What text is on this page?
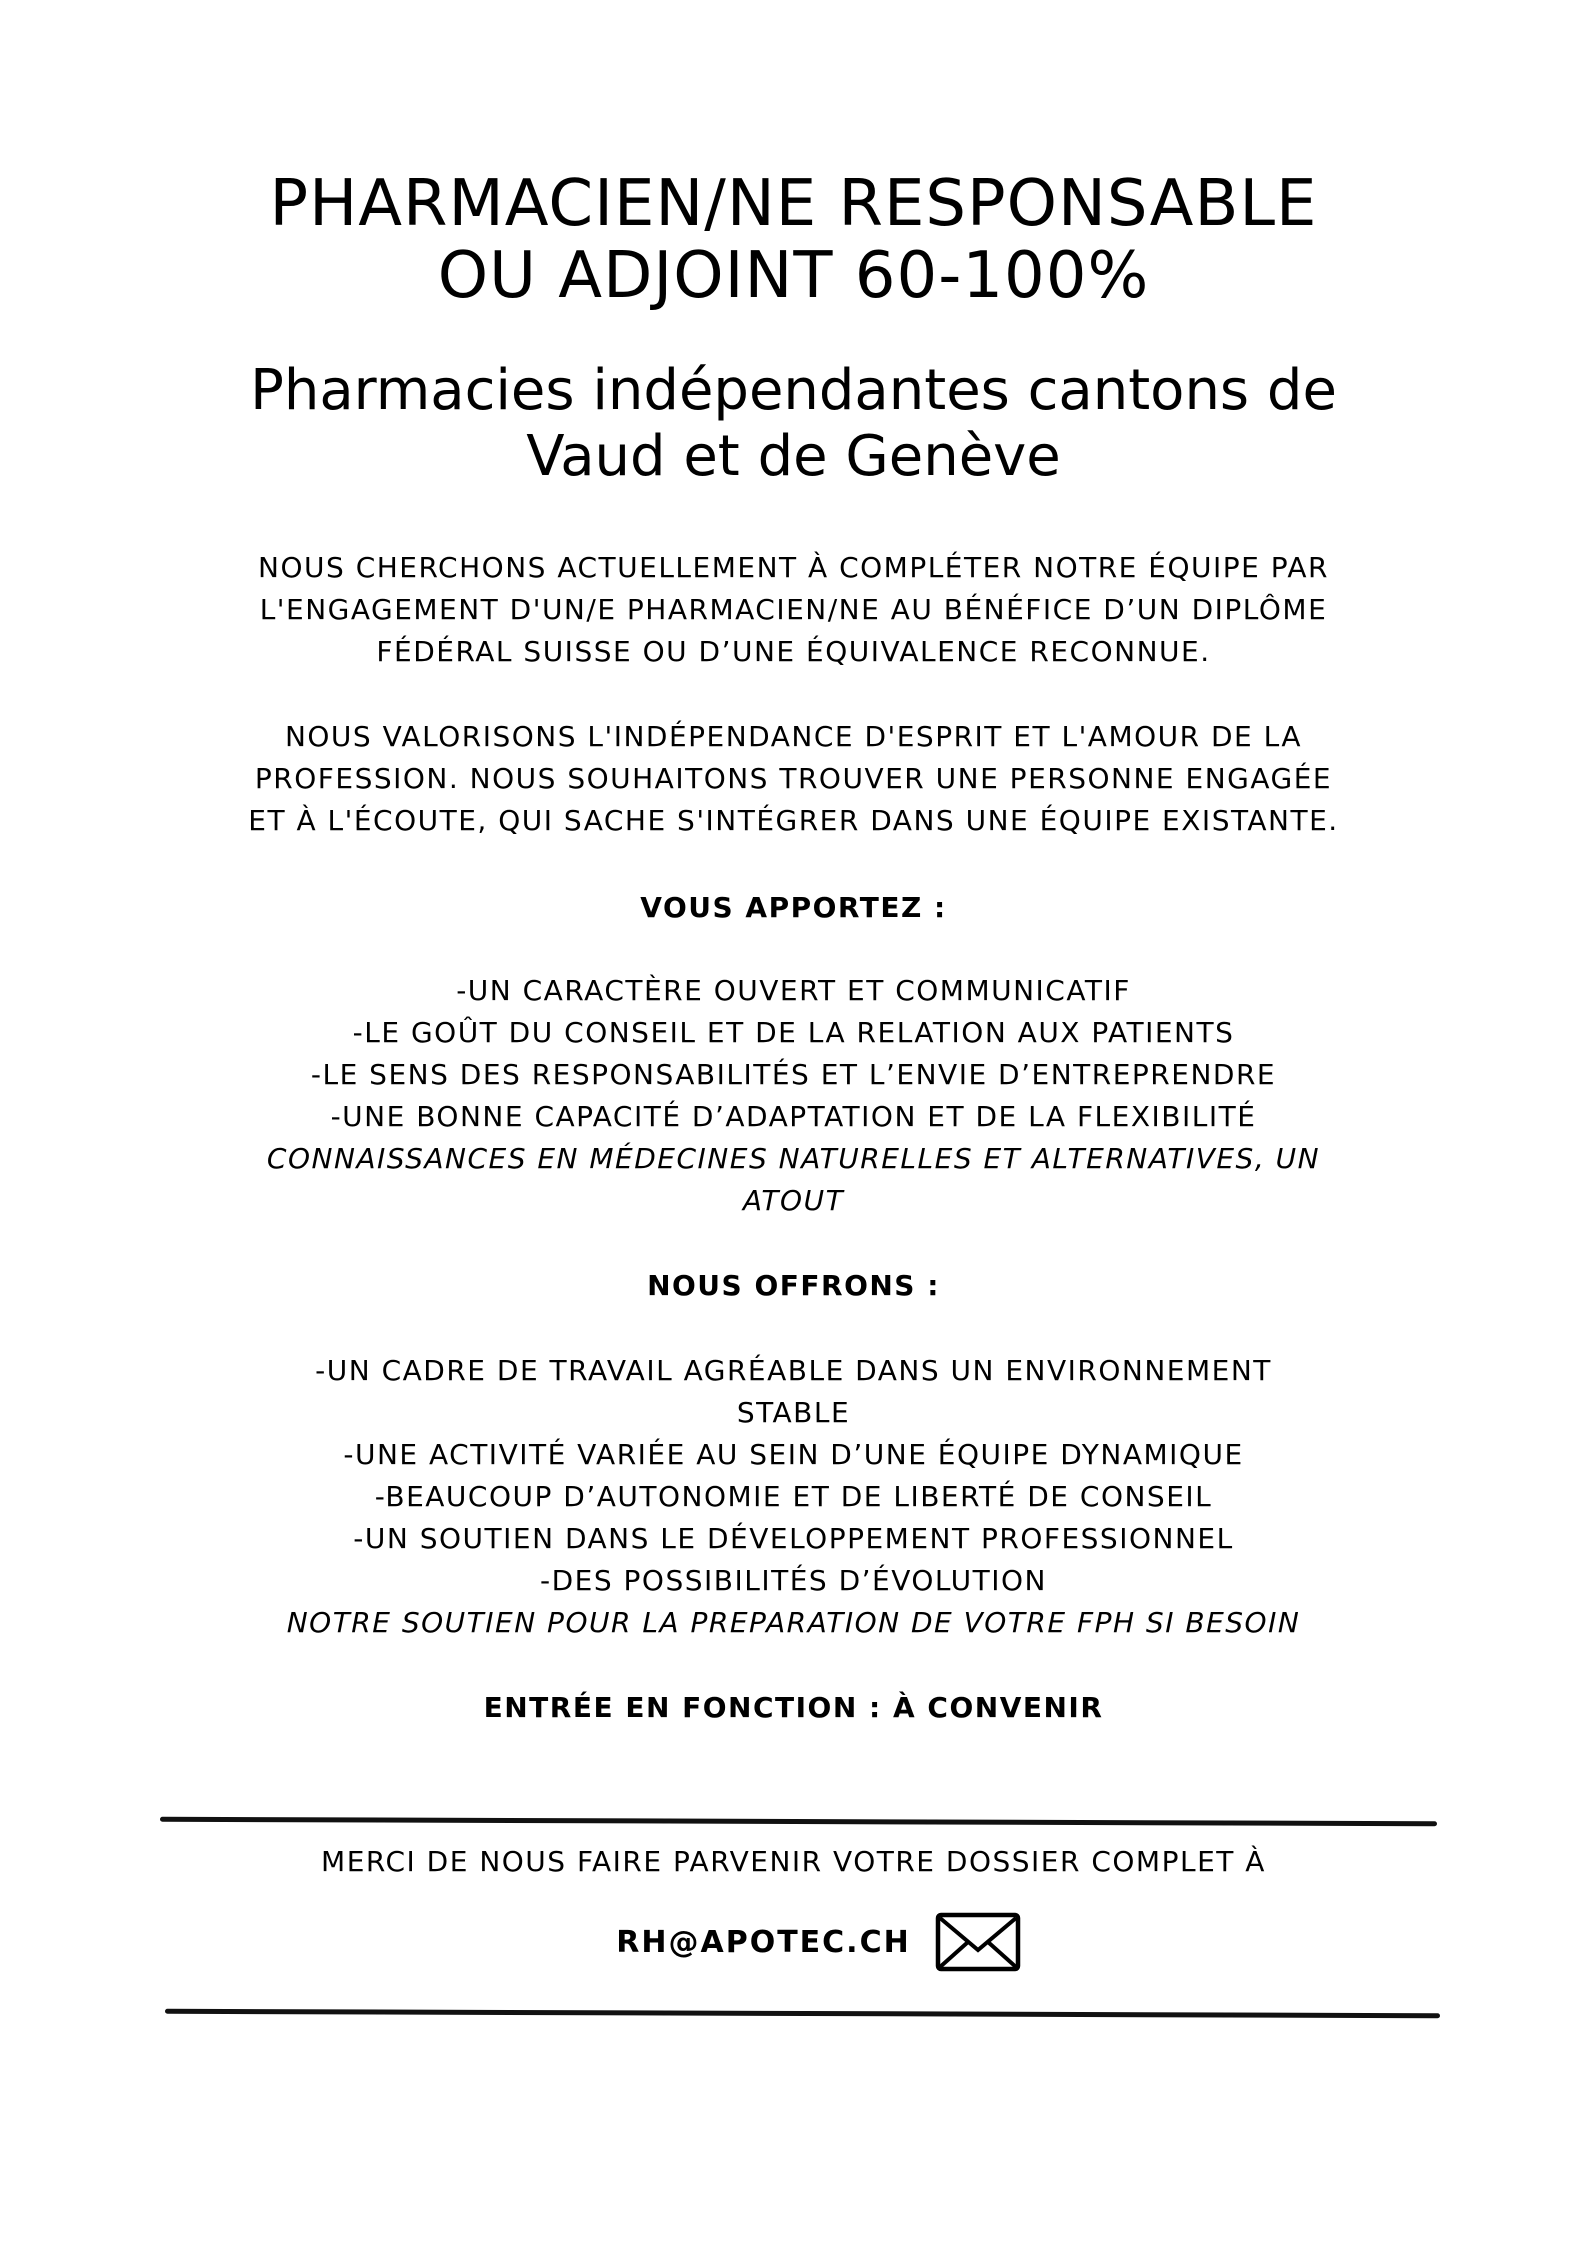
PHARMACIEN/NE RESPONSABLE

OU ADJOINT 60-100%

Pharmacies indépendantes cantons de

Vaud et de Genève

NOUS CHERCHONS ACTUELLEMENT À COMPLÉTER NOTRE ÉQUIPE PAR

L'ENGAGEMENT D'UN/E PHARMACIEN/NE AU BÉNÉFICE D’UN DIPLÔME

FÉDÉRAL SUISSE OU D’UNE ÉQUIVALENCE RECONNUE.

NOUS VALORISONS L'INDÉPENDANCE D'ESPRIT ET L'AMOUR DE LA

PROFESSION. NOUS SOUHAITONS TROUVER UNE PERSONNE ENGAGÉE

ET À L'ÉCOUTE, QUI SACHE S'INTÉGRER DANS UNE ÉQUIPE EXISTANTE.

VOUS APPORTEZ :

-UN CARACTÈRE OUVERT ET COMMUNICATIF

-LE GOÛT DU CONSEIL ET DE LA RELATION AUX PATIENTS

-LE SENS DES RESPONSABILITÉS ET L’ENVIE D’ENTREPRENDRE

-UNE BONNE CAPACITÉ D’ADAPTATION ET DE LA FLEXIBILITÉ

CONNAISSANCES EN MÉDECINES NATURELLES ET ALTERNATIVES, UN

ATOUT

NOUS OFFRONS :

-UN CADRE DE TRAVAIL AGRÉABLE DANS UN ENVIRONNEMENT

STABLE

-UNE ACTIVITÉ VARIÉE AU SEIN D’UNE ÉQUIPE DYNAMIQUE

-BEAUCOUP D’AUTONOMIE ET DE LIBERTÉ DE CONSEIL

-UN SOUTIEN DANS LE DÉVELOPPEMENT PROFESSIONNEL

-DES POSSIBILITÉS D’ÉVOLUTION

NOTRE SOUTIEN POUR LA PREPARATION DE VOTRE FPH SI BESOIN

ENTRÉE EN FONCTION : À CONVENIR
MERCI DE NOUS FAIRE PARVENIR VOTRE DOSSIER COMPLET À
RH@APOTEC.CH
